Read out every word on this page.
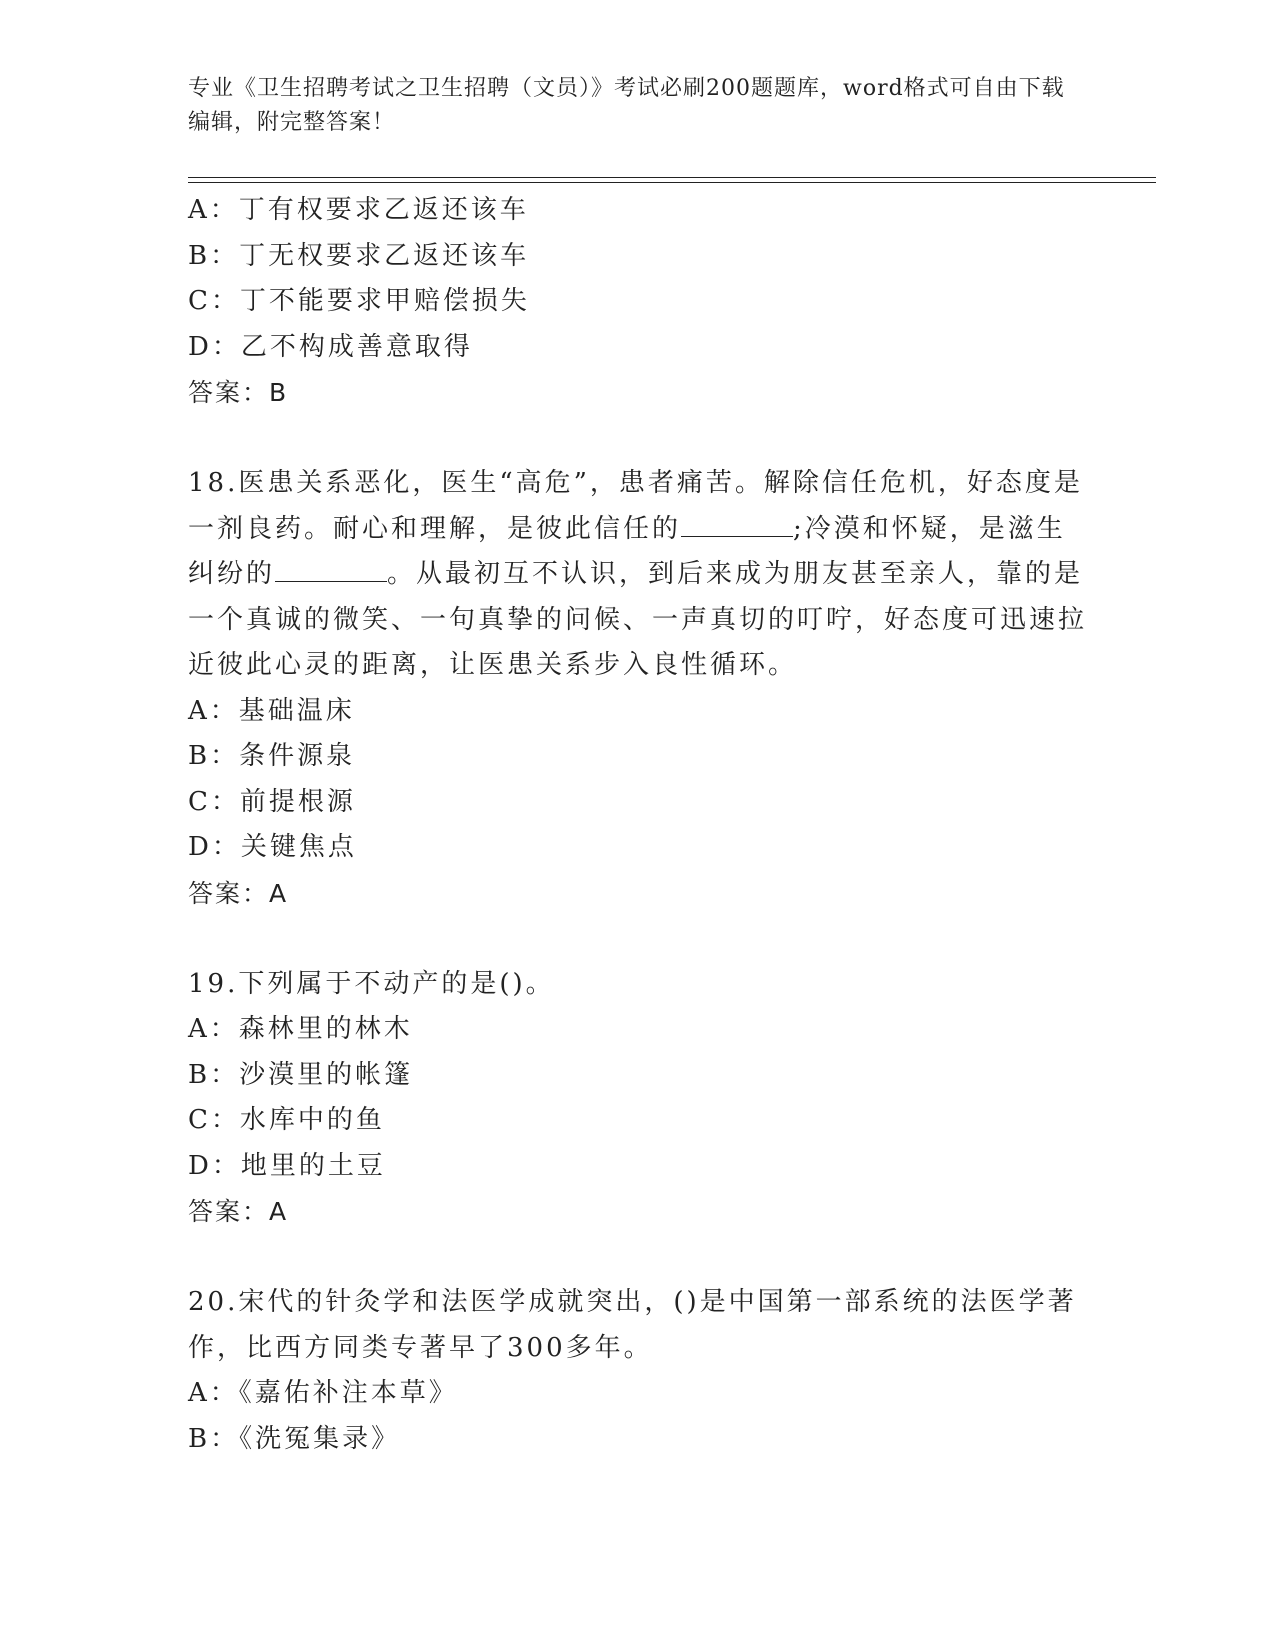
专业《卫生招聘考试之卫生招聘（文员）》考试必刷200题题库，word格式可自由下载编辑，附完整答案！
A：丁有权要求乙返还该车
B：丁无权要求乙返还该车
C：丁不能要求甲赔偿损失
D：乙不构成善意取得
答案：B
18.医患关系恶化，医生“高危”，患者痛苦。解除信任危机，好态度是一剂良药。耐心和理解，是彼此信任的	;冷漠和怀疑，是滋生纠纷的	。从最初互不认识，到后来成为朋友甚至亲人，靠的是一个真诚的微笑、一句真挚的问候、一声真切的叮咛，好态度可迅速拉近彼此心灵的距离，让医患关系步入良性循环。
A：基础温床
B：条件源泉
C：前提根源
D：关键焦点
答案：A
19.下列属于不动产的是()。
A：森林里的林木
B：沙漠里的帐篷
C：水库中的鱼
D：地里的土豆
答案：A
20.宋代的针灸学和法医学成就突出，()是中国第一部系统的法医学著作，比西方同类专著早了300多年。
A：《嘉佑补注本草》
B：《洗冤集录》
